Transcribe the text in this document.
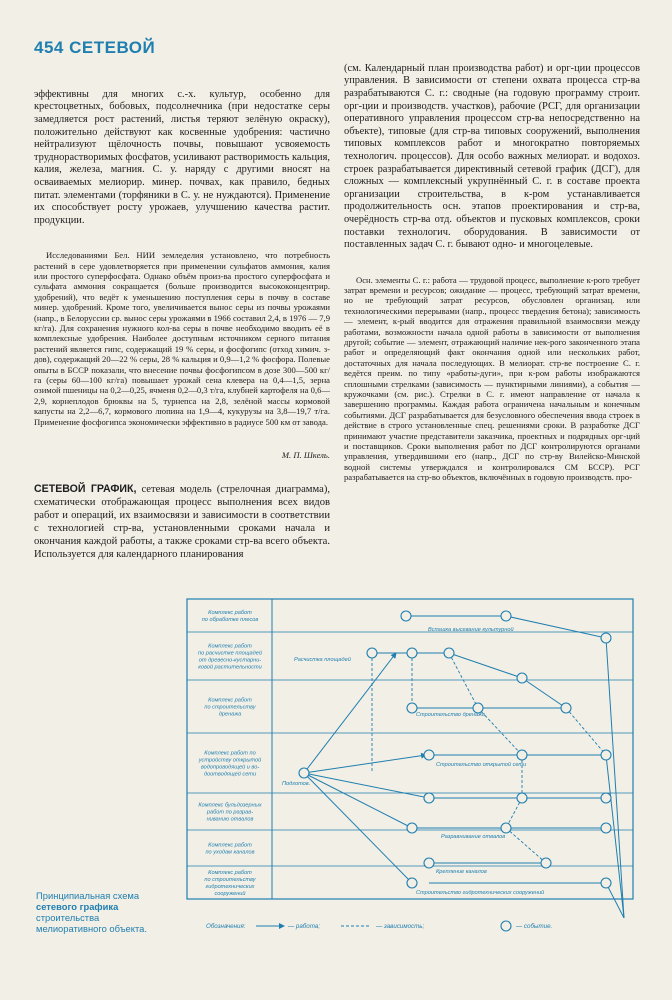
454 СЕТЕВОЙ

эффективны для многих с.-х. культур, особенно для крестоцветных, бобовых, подсолнечника (при недостатке серы замедляется рост растений, листья теряют зелёную окраску), положительно действуют как косвенные удобрения: частично нейтрализуют щёлочность почвы, повышают усвояемость труднорастворимых фосфатов, усиливают растворимость кальция, калия, железа, магния. С. у. наряду с другими вносят на осваиваемых мелиорир. минер. почвах, как правило, бедных питат. элементами (торфяники в С. у. не нуждаются). Применение их способствует росту урожаев, улучшению качества растит. продукции.

Исследованиями Бел. НИИ земледелия установлено, что потребность растений в сере удовлетворяется при применении сульфатов аммония, калия или простого суперфосфата. Однако объём произ-ва простого суперфосфата и сульфата аммония сокращается (больше производится высококонцентрир. удобрений), что ведёт к уменьшению поступления серы в почву в составе минер. удобрений. Кроме того, увеличивается вынос серы из почвы урожаями (напр., в Белоруссии ср. вынос серы урожаями в 1966 составил 2,4, в 1976 — 7,9 кг/га). Для сохранения нужного кол-ва серы в почве необходимо вводить её в комплексные удобрения. Наиболее доступным источником серного питания растений является гипс, содержащий 19 % серы, и фосфогипс (отход химич. з-дов), содержащий 20—22 % серы, 28 % кальция и 0,9—1,2 % фосфора. Полевые опыты в БССР показали, что внесение почвы фосфогипсом в дозе 300—500 кг/га (серы 60—100 кг/га) повышает урожай сена клевера на 0,4—1,5, зерна озимой пшеницы на 0,2—0,25, ячменя 0,2—0,3 т/га, клубней картофеля на 0,6—2,9, корнеплодов брюквы на 5, турнепса на 2,8, зелёной массы кормовой капусты на 2,2—6,7, кормового люпина на 1,9—4, кукурузы на 3,8—19,7 т/га. Применение фосфогипса экономически эффективно в радиусе 500 км от завода.

М. П. Шкель.

СЕТЕВОЙ ГРАФИК, сетевая модель (стрелочная диаграмма), схематически отображающая процесс выполнения всех видов работ и операций, их взаимосвязи и зависимости в соответствии с технологией стр-ва, установленными сроками начала и окончания каждой работы, а также сроками стр-ва всего объекта. Используется для календарного планирования

(см. Календарный план производства работ) и орг-ции процессов управления. В зависимости от степени охвата процесса стр-ва разрабатываются С. г.: сводные (на годовую программу строит. орг-ции и производств. участков), рабочие (РСГ, для организации оперативного управления процессом стр-ва непосредственно на объекте), типовые (для стр-ва типовых сооружений, выполнения типовых комплексов работ и многократно повторяемых технологич. процессов). Для особо важных мелиорат. и водохоз. строек разрабатывается директивный сетевой график (ДСГ), для сложных — комплексный укрупнённый С. г. в составе проекта организации строительства, в к-ром устанавливается продолжительность осн. этапов проектирования и стр-ва, очерёдность стр-ва отд. объектов и пусковых комплексов, сроки поставки технологич. оборудования. В зависимости от поставленных задач С. г. бывают одно- и многоцелевые.

Осн. элементы С. г.: работа — трудовой процесс, выполнение к-рого требует затрат времени и ресурсов; ожидание — процесс, требующий затрат времени, но не требующий затрат ресурсов, обусловлен организац. или технологическими перерывами (напр., процесс твердения бетона); зависимость — элемент, к-рый вводится для отражения правильной взаимосвязи между работами, возможности начала одной работы в зависимости от выполнения другой; событие — элемент, отражающий наличие нек-рого законченного этапа работ и определяющий факт окончания одной или нескольких работ, достаточных для начала последующих. В мелиорат. стр-ве построение С. г. ведётся преим. по типу «работы-дуги», при к-ром работы изображаются сплошными стрелками (зависимость — пунктирными линиями), а события — кружочками (см. рис.). Стрелки в С. г. имеют направление от начала к завершению программы. Каждая работа ограничена начальным и конечным событиями. ДСГ разрабатывается для безусловного обеспечения ввода строек в действие в строго установленные спец. решениями сроки. В разработке ДСГ принимают участие представители заказчика, проектных и подрядных орг-ций и поставщиков. Сроки выполнения работ по ДСГ контролируются органами управления, утвердившими его (напр., ДСГ по стр-ву Вилейско-Минской водной системы утверждался и контролировался СМ БССР). РСГ разрабатывается на стр-во объектов, включённых в годовую производств. про-

Комплекс работ
по обработке плесов
Комплекс работ
по расчистке площадей
от древесно-кустарни-
ковой растительности
Комплекс работ
по строительству
дренажа
Комплекс работ по
устройству открытой
водопроводящей и во-
доотводящей сети
Комплекс бульдозерных
работ по разрав-
ниванию отвалов
Комплекс работ
по уходам каналов
Комплекс работ
по строительству
гидротехнических
сооружений
Вспашка высевание культурной
Расчистка площадей
Строительство дренажа
Подготов.
Строительство открытой сети
Разравнивание отвалов
Крепление каналов
Строительство гидротехнических сооружений
Обозначения:	— работа;	— зависимость;	— событие.
Принципиальная схема сетевого графика строительства мелиоративного объекта.
